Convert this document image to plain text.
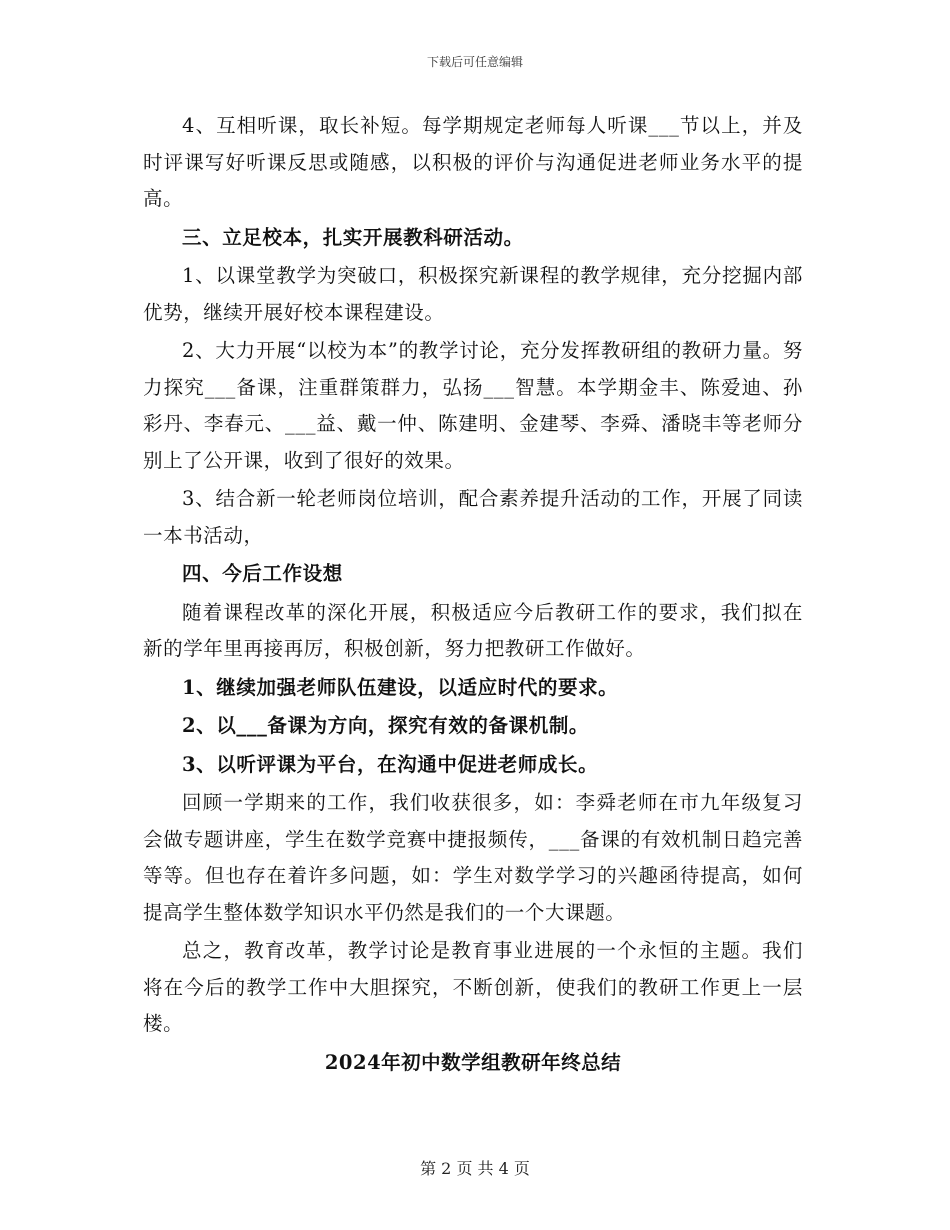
下载后可任意编辑

4、互相听课，取长补短。每学期规定老师每人听课___节以上，并及时评课写好听课反思或随感，以积极的评价与沟通促进老师业务水平的提高。

三、立足校本，扎实开展教科研活动。

1、以课堂教学为突破口，积极探究新课程的教学规律，充分挖掘内部优势，继续开展好校本课程建设。

2、大力开展“以校为本”的教学讨论，充分发挥教研组的教研力量。努力探究___备课，注重群策群力，弘扬___智慧。本学期金丰、陈爱迪、孙彩丹、李春元、___益、戴一仲、陈建明、金建琴、李舜、潘晓丰等老师分别上了公开课，收到了很好的效果。

3、结合新一轮老师岗位培训，配合素养提升活动的工作，开展了同读一本书活动，

四、今后工作设想

随着课程改革的深化开展，积极适应今后教研工作的要求，我们拟在新的学年里再接再厉，积极创新，努力把教研工作做好。

1、继续加强老师队伍建设，以适应时代的要求。

2、以___备课为方向，探究有效的备课机制。

3、以听评课为平台，在沟通中促进老师成长。

回顾一学期来的工作，我们收获很多，如：李舜老师在市九年级复习会做专题讲座，学生在数学竞赛中捷报频传，___备课的有效机制日趋完善等等。但也存在着许多问题，如：学生对数学学习的兴趣函待提高，如何提高学生整体数学知识水平仍然是我们的一个大课题。

总之，教育改革，教学讨论是教育事业进展的一个永恒的主题。我们将在今后的教学工作中大胆探究，不断创新，使我们的教研工作更上一层楼。

2024年初中数学组教研年终总结
第 2 页 共 4 页
